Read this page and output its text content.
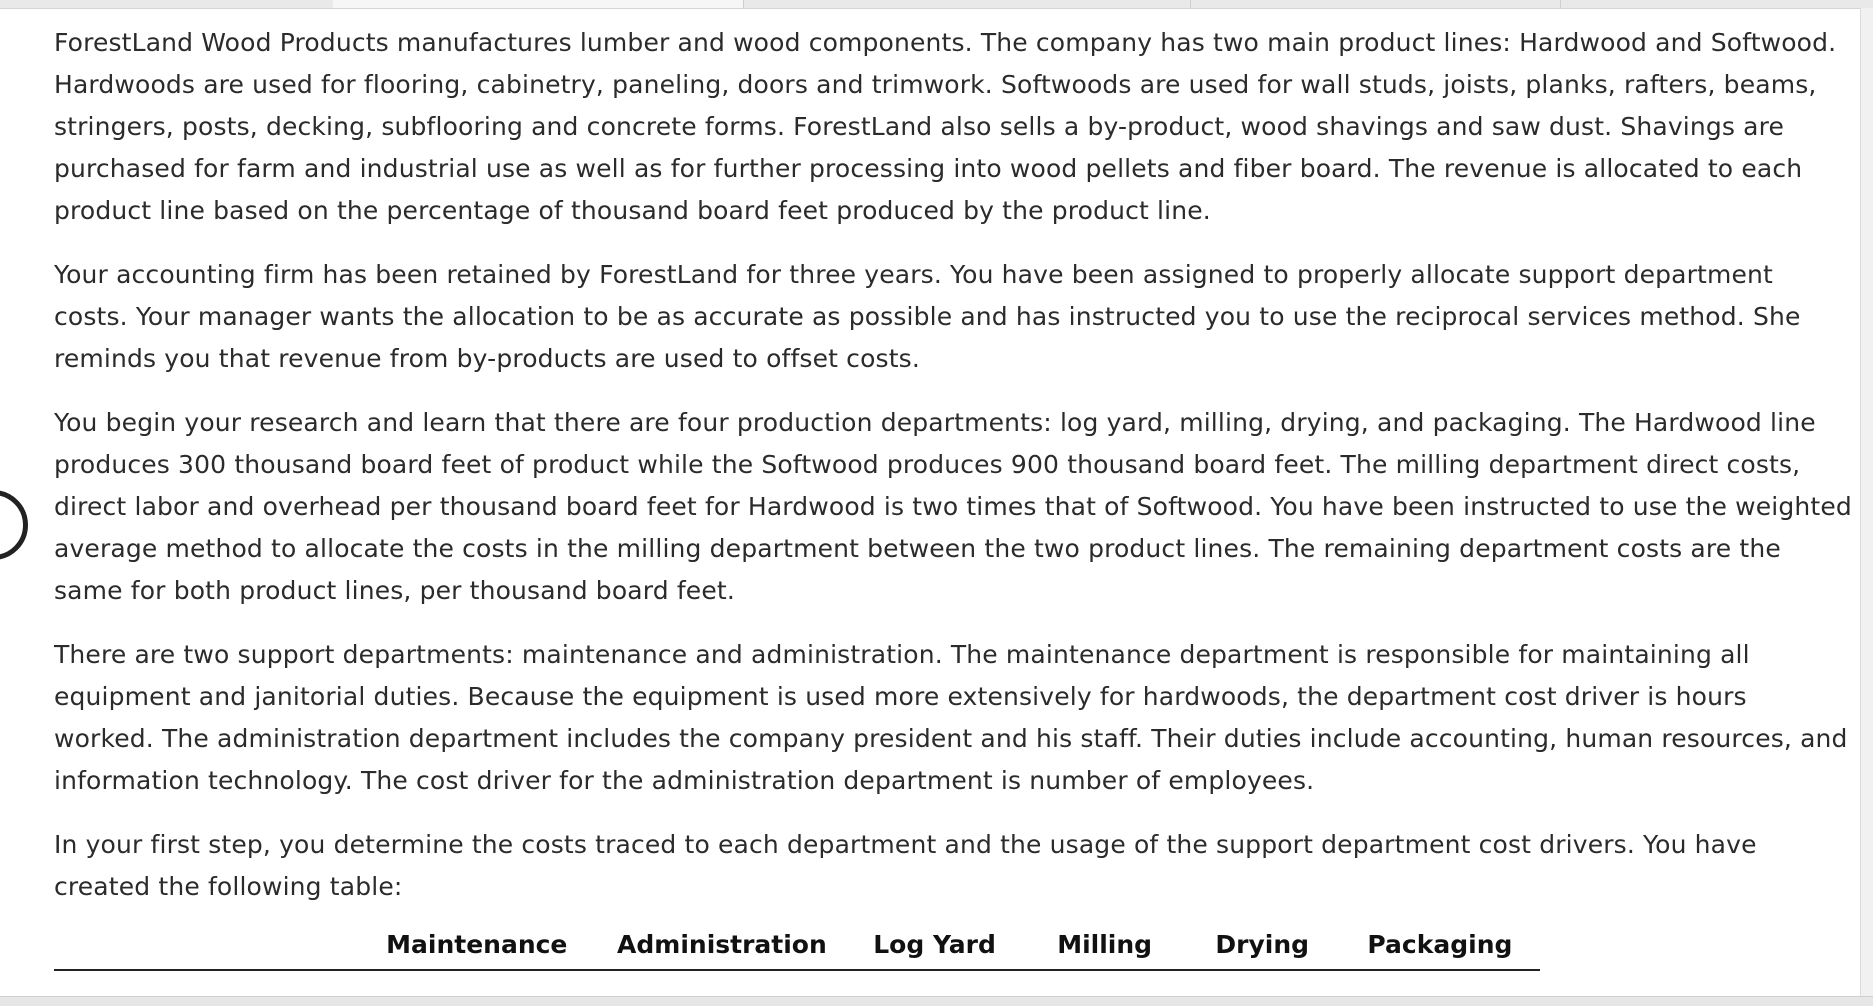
ForestLand Wood Products manufactures lumber and wood components. The company has two main product lines: Hardwood and Softwood. Hardwoods are used for flooring, cabinetry, paneling, doors and trimwork. Softwoods are used for wall studs, joists, planks, rafters, beams, stringers, posts, decking, subflooring and concrete forms. ForestLand also sells a by-product, wood shavings and saw dust. Shavings are purchased for farm and industrial use as well as for further processing into wood pellets and fiber board. The revenue is allocated to each product line based on the percentage of thousand board feet produced by the product line.

Your accounting firm has been retained by ForestLand for three years. You have been assigned to properly allocate support department costs. Your manager wants the allocation to be as accurate as possible and has instructed you to use the reciprocal services method. She reminds you that revenue from by-products are used to offset costs.

You begin your research and learn that there are four production departments: log yard, milling, drying, and packaging. The Hardwood line produces 300 thousand board feet of product while the Softwood produces 900 thousand board feet. The milling department direct costs, direct labor and overhead per thousand board feet for Hardwood is two times that of Softwood. You have been instructed to use the weighted average method to allocate the costs in the milling department between the two product lines. The remaining department costs are the same for both product lines, per thousand board feet.

There are two support departments: maintenance and administration. The maintenance department is responsible for maintaining all equipment and janitorial duties. Because the equipment is used more extensively for hardwoods, the department cost driver is hours worked. The administration department includes the company president and his staff. Their duties include accounting, human resources, and information technology. The cost driver for the administration department is number of employees.

In your first step, you determine the costs traced to each department and the usage of the support department cost drivers. You have created the following table:

	Maintenance	Administration	Log Yard	Milling	Drying	Packaging
